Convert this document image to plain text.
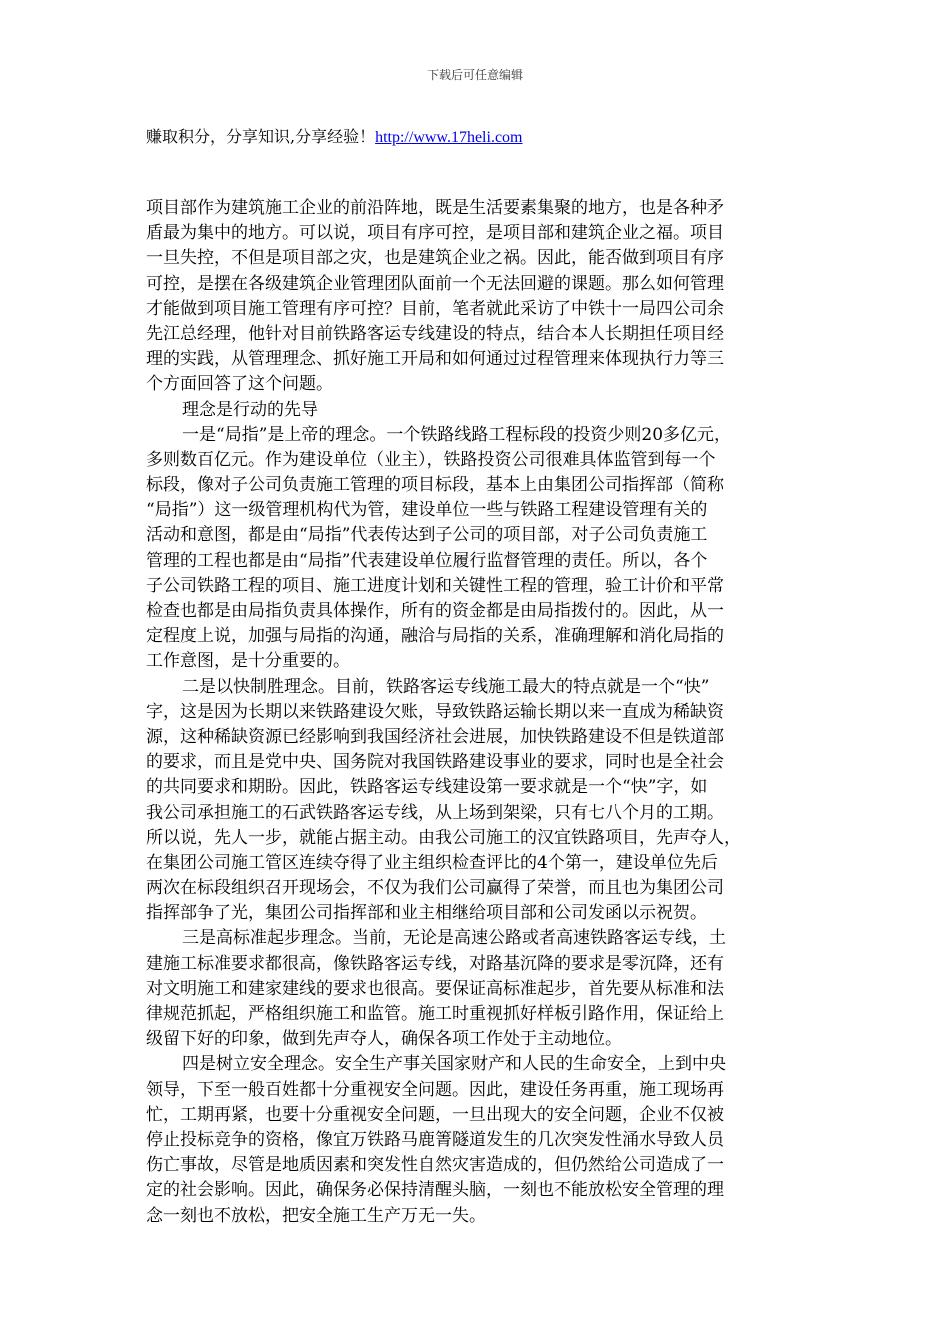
下载后可任意编辑
赚取积分，分享知识,分享经验！http://www.17heli.com
项目部作为建筑施工企业的前沿阵地，既是生活要素集聚的地方，也是各种矛
盾最为集中的地方。可以说，项目有序可控，是项目部和建筑企业之福。项目
一旦失控，不但是项目部之灾，也是建筑企业之祸。因此，能否做到项目有序
可控，是摆在各级建筑企业管理团队面前一个无法回避的课题。那么如何管理
才能做到项目施工管理有序可控？目前，笔者就此采访了中铁十一局四公司余
先江总经理，他针对目前铁路客运专线建设的特点，结合本人长期担任项目经
理的实践，从管理理念、抓好施工开局和如何通过过程管理来体现执行力等三
个方面回答了这个问题。
理念是行动的先导
一是“局指”是上帝的理念。一个铁路线路工程标段的投资少则20多亿元，
多则数百亿元。作为建设单位（业主），铁路投资公司很难具体监管到每一个
标段，像对子公司负责施工管理的项目标段，基本上由集团公司指挥部（简称
“局指”）这一级管理机构代为管，建设单位一些与铁路工程建设管理有关的
活动和意图，都是由“局指”代表传达到子公司的项目部，对子公司负责施工
管理的工程也都是由“局指”代表建设单位履行监督管理的责任。所以，各个
子公司铁路工程的项目、施工进度计划和关键性工程的管理，验工计价和平常
检查也都是由局指负责具体操作，所有的资金都是由局指拨付的。因此，从一
定程度上说，加强与局指的沟通，融洽与局指的关系，准确理解和消化局指的
工作意图，是十分重要的。
二是以快制胜理念。目前，铁路客运专线施工最大的特点就是一个“快”
字，这是因为长期以来铁路建设欠账，导致铁路运输长期以来一直成为稀缺资
源，这种稀缺资源已经影响到我国经济社会进展，加快铁路建设不但是铁道部
的要求，而且是党中央、国务院对我国铁路建设事业的要求，同时也是全社会
的共同要求和期盼。因此，铁路客运专线建设第一要求就是一个“快”字，如
我公司承担施工的石武铁路客运专线，从上场到架梁，只有七八个月的工期。
所以说，先人一步，就能占据主动。由我公司施工的汉宜铁路项目，先声夺人，
在集团公司施工管区连续夺得了业主组织检查评比的4个第一，建设单位先后
两次在标段组织召开现场会，不仅为我们公司赢得了荣誉，而且也为集团公司
指挥部争了光，集团公司指挥部和业主相继给项目部和公司发函以示祝贺。
三是高标准起步理念。当前，无论是高速公路或者高速铁路客运专线，土
建施工标准要求都很高，像铁路客运专线，对路基沉降的要求是零沉降，还有
对文明施工和建家建线的要求也很高。要保证高标准起步，首先要从标准和法
律规范抓起，严格组织施工和监管。施工时重视抓好样板引路作用，保证给上
级留下好的印象，做到先声夺人，确保各项工作处于主动地位。
四是树立安全理念。安全生产事关国家财产和人民的生命安全，上到中央
领导，下至一般百姓都十分重视安全问题。因此，建设任务再重，施工现场再
忙，工期再紧，也要十分重视安全问题，一旦出现大的安全问题，企业不仅被
停止投标竞争的资格，像宜万铁路马鹿箐隧道发生的几次突发性涌水导致人员
伤亡事故，尽管是地质因素和突发性自然灾害造成的，但仍然给公司造成了一
定的社会影响。因此，确保务必保持清醒头脑，一刻也不能放松安全管理的理
念一刻也不放松，把安全施工生产万无一失。
